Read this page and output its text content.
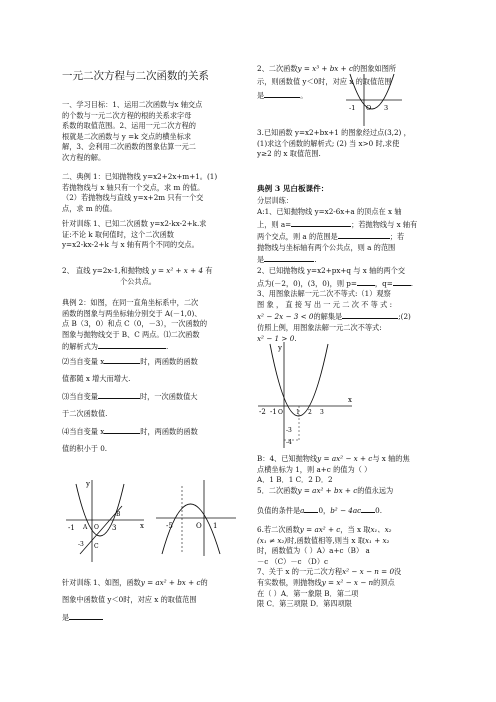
一元二次方程与二次函数的关系
一、学习目标：1、运用二次函数与x 轴交点
的个数与一元二次方程的根的关系求字母
系数的取值范围。2、运用一元二次方程的
根就是二次函数与 y =k 交点的横坐标求
解，3、会利用二次函数的图象估算一元二
次方程的解。
二、典例 1：已知抛物线 y=x2+2x+m+1。(1)
若抛物线与 x 轴只有一个交点，求 m 的值。
（2）若抛物线与直线 y=x+2m 只有一个交
点，求 m 的值。
针对训练 1、已知二次函数 y=x2-kx-2+k.求
证:不论 k 取何值时，这个二次函数
y=x2-kx-2+k 与 x 轴有两个不同的交点。
2、 直线 y=2x-1,和抛物线 y = x² + x + 4 有
个公共点。
典例 2：如图，在同一直角坐标系中，二次
函数的图象与两坐标轴分别交于 A(－1,0)、
点 B（3，0）和点 C（0，－3），一次函数的
图象与抛物线交于 B、C 两点。⑴二次函数
的解析式为	.
⑵当自变量 x	时，两函数的函数
值都随 x 增大而增大.
⑶当自变量	时，一次函数值大
于二次函数值.
⑷当自变量 x	时，两函数的函数
值的积小于 0.
y
x
-1	3
A O
B
C
-3
-5	O 1
针对训练 1、如图，函数y = ax² + bx + c的
图象中函数值 y＜0时，对应 x 的取值范围
是
2、二次函数y = x³ + bx + c的图象如图所
示，则函数值 y＜0时，对应 x 的取值范围
是	。
-1 O 3
3.已知函数 y=x2+bx+1 的图象经过点(3,2) ，
(1)求这个函数的解析式; (2) 当 x>0 时,求使
y≥2 的 x 取值范围.
典例 3 见白板课件：
分层训练：
A:1、已知抛物线 y=x2-6x+a 的顶点在 x 轴
上，则 a=	；若抛物线与 x 轴有
两个交点，则 a 的范围是	；若
抛物线与坐标轴有两个公共点，则 a 的范围
是	.
2、已知抛物线 y=x2+px+q 与 x 轴的两个交
点为(－2，0)，(3，0)，则 p=	，q=	.
3、用图象法解一元二次不等式:（1）观察
图 象 ， 直 接 写 出 一 元 二 次 不 等 式 :
x² − 2x − 3 < 0的解集是	;(2)
仿照上例，用图象法解一元二次不等式:
x² − 1 > 0．
y
x
-2 -1 O 1 2 3
-3
-4
B：4、已知抛物线y = ax² − x + c与 x 轴的焦
点横坐标为 1，则 a+c 的值为（ ）
A．1 B．1 C．2 D．2
5．二次函数y = ax² + bx + c的值永远为
负值的条件是a 0，b² − 4ac 0.
6.若二次函数y = ax² + c，当 x 取x₁、x₂
(x₁ ≠ x₂)时,函数值相等,则当 x 取x₁ + x₂
时，函数值为（ ）A）a+c（B） a
－c （C）－c （D）c
7、关于 x 的一元二次方程x² − x − n = 0没
有实数根，则抛物线y = x² − x − n的顶点
在（ ）A．第一象限 B．第二项
限 C．第三项限 D．第四项限
